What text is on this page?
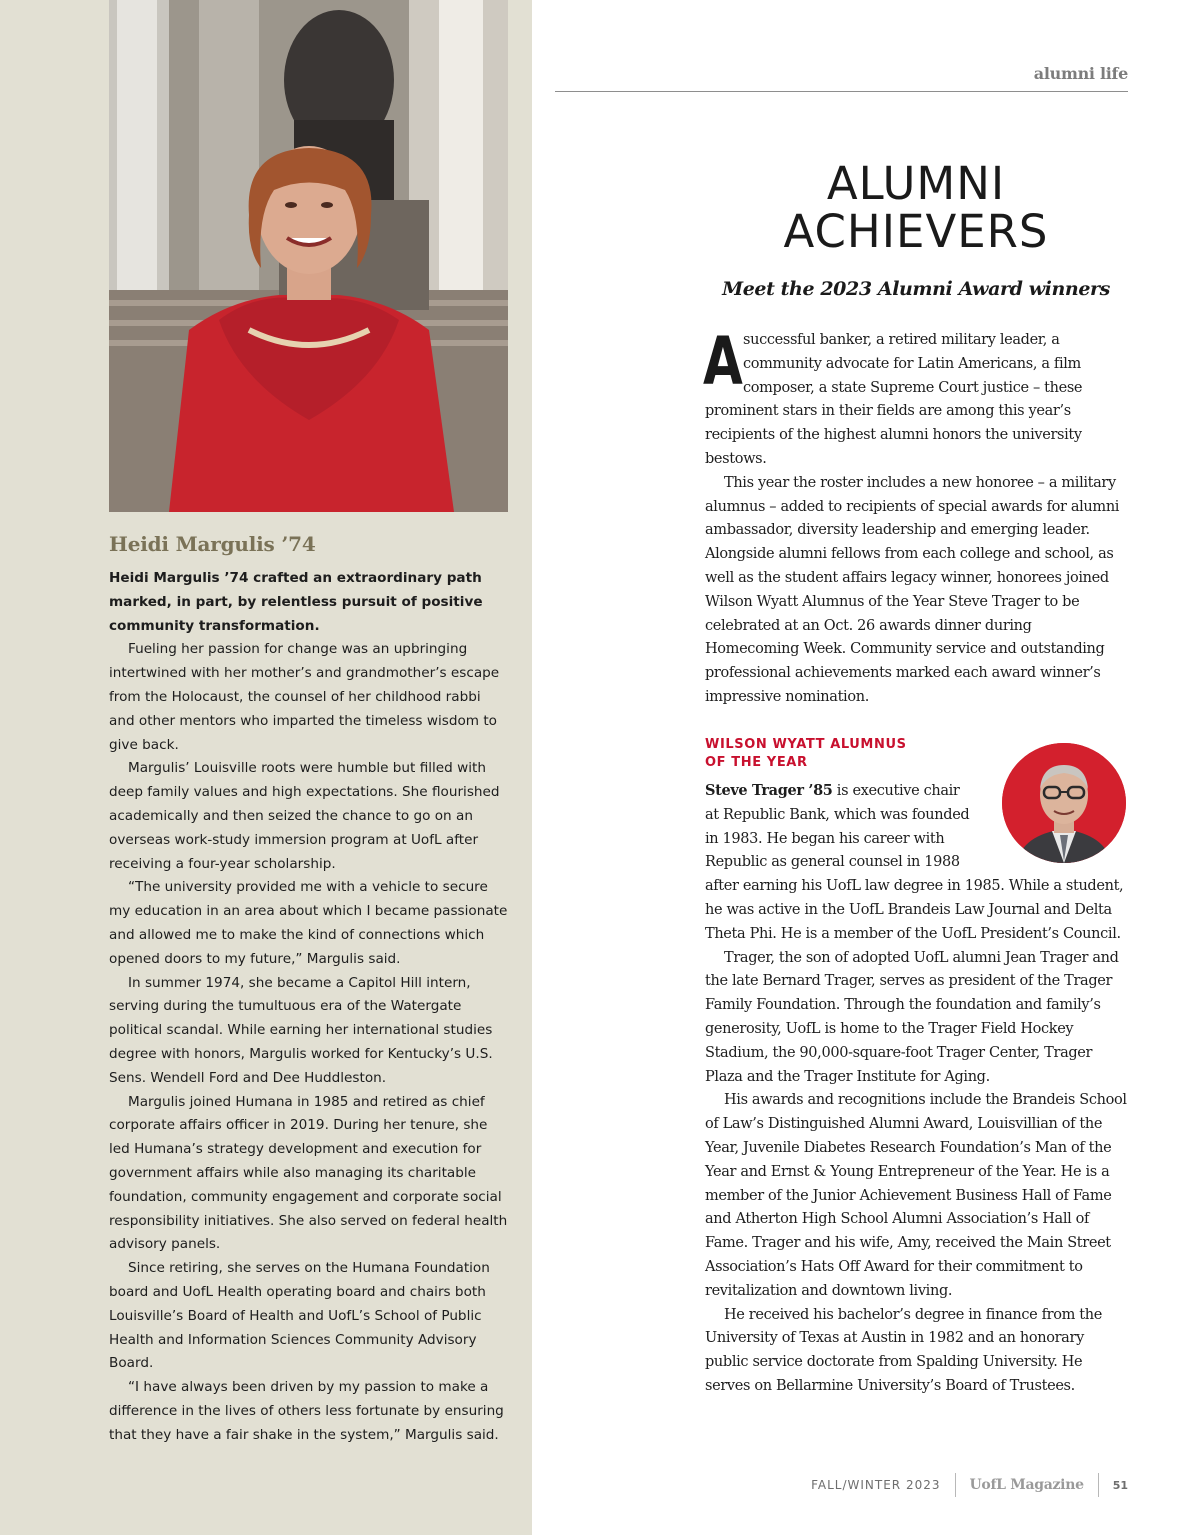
Heidi Margulis ’74

Heidi Margulis ’74 crafted an extraordinary path marked, in part, by relentless pursuit of positive community transformation.

Fueling her passion for change was an upbringing intertwined with her mother’s and grandmother’s escape from the Holocaust, the counsel of her childhood rabbi and other mentors who imparted the timeless wisdom to give back.

Margulis’ Louisville roots were humble but filled with deep family values and high expectations. She flourished academically and then seized the chance to go on an overseas work-study immersion program at UofL after receiving a four-year scholarship.

“The university provided me with a vehicle to secure my education in an area about which I became passionate and allowed me to make the kind of connections which opened doors to my future,” Margulis said.

In summer 1974, she became a Capitol Hill intern, serving during the tumultuous era of the Watergate political scandal. While earning her international studies degree with honors, Margulis worked for Kentucky’s U.S. Sens. Wendell Ford and Dee Huddleston.

Margulis joined Humana in 1985 and retired as chief corporate affairs officer in 2019. During her tenure, she led Humana’s strategy development and execution for government affairs while also managing its charitable foundation, community engagement and corporate social responsibility initiatives. She also served on federal health advisory panels.

Since retiring, she serves on the Humana Foundation board and UofL Health operating board and chairs both Louisville’s Board of Health and UofL’s School of Public Health and Information Sciences Community Advisory Board.

“I have always been driven by my passion to make a difference in the lives of others less fortunate by ensuring that they have a fair shake in the system,” Margulis said.

alumni life
ALUMNI
ACHIEVERS
Meet the 2023 Alumni Award winners

Asuccessful banker, a retired military leader, a community advocate for Latin Americans, a film composer, a state Supreme Court justice – these prominent stars in their fields are among this year’s recipients of the highest alumni honors the university bestows.

This year the roster includes a new honoree – a military alumnus – added to recipients of special awards for alumni ambassador, diversity leadership and emerging leader. Alongside alumni fellows from each college and school, as well as the student affairs legacy winner, honorees joined Wilson Wyatt Alumnus of the Year Steve Trager to be celebrated at an Oct. 26 awards dinner during Homecoming Week. Community service and outstanding professional achievements marked each award winner’s impressive nomination.

WILSON WYATT ALUMNUS
OF THE YEAR

Steve Trager ’85 is executive chair at Republic Bank, which was founded in 1983. He began his career with Republic as general counsel in 1988 after earning his UofL law degree in 1985. While a student, he was active in the UofL Brandeis Law Journal and Delta Theta Phi. He is a member of the UofL President’s Council.

Trager, the son of adopted UofL alumni Jean Trager and the late Bernard Trager, serves as president of the Trager Family Foundation. Through the foundation and family’s generosity, UofL is home to the Trager Field Hockey Stadium, the 90,000-square-foot Trager Center, Trager Plaza and the Trager Institute for Aging.

His awards and recognitions include the Brandeis School of Law’s Distinguished Alumni Award, Louisvillian of the Year, Juvenile Diabetes Research Foundation’s Man of the Year and Ernst & Young Entrepreneur of the Year. He is a member of the Junior Achievement Business Hall of Fame and Atherton High School Alumni Association’s Hall of Fame. Trager and his wife, Amy, received the Main Street Association’s Hats Off Award for their commitment to revitalization and downtown living.

He received his bachelor’s degree in finance from the University of Texas at Austin in 1982 and an honorary public service doctorate from Spalding University. He serves on Bellarmine University’s Board of Trustees.

FALL/WINTER 2023 UofL Magazine	51
